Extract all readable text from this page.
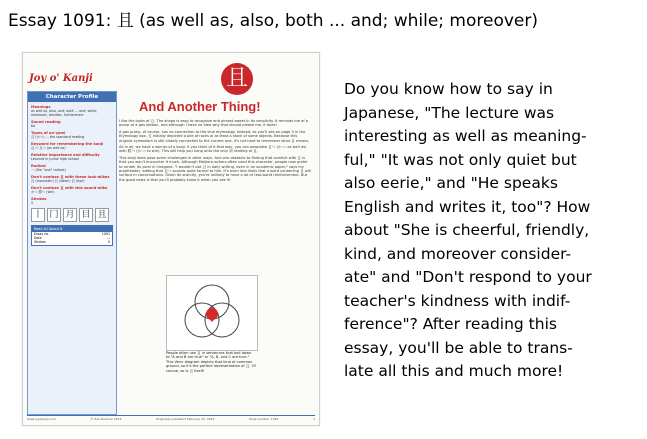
Essay 1091: 且 (as well as, also, both ... and; while; moreover)
Joy o' Kanji	且
Character Profile
Meanings
as well as, also, and; both ... and; while; moreover, besides, furthermore
Sound reading
Ka
Types of on-yomi
且 (かつ) ... the standard reading
Keyword for remembering the kanji
且 = 且つ (as well as)
Relative importance and difficulty
Learned in junior high school
Radical
一 (the "one" radical)
Don't confuse 且 with these look-alikes
且 (mountain) 旦 (dawn) 目 (eye)
Don't confuse 且 with this sound-alike
かつ 勝つ (win)
Strokes
5
丨 冂 月 目 且
Read All About It
Essay no.	1091
Date	—
Strokes	5
And Another Thing!

I like the looks of 且. The shape is easy to recognize and almost sweet in its simplicity. It reminds me of a pump at a gas station, and although I have no idea why that should please me, it does!

A gas pump, of course, has no connection to the true etymology. Instead, as you'll see on page 3 in the Etymology box, 且 initially depicted a pile of rocks or at least a stack of some objects. Because this original symbolism is still closely connected to the current one, it's not hard to remember what 且 means.

All in all, we have a winner of a kanji. If you think of it that way, you can associate 且つ (かつ: as well as) with 勝つ (かつ: to win). This will help you hang onto the only 訓 reading of 且.

This kanji does pose some challenges in other ways. And one obstacle to finding that comfort with 且 is that you won't encounter it much. Although Meijiera writers often used this character, people now prefer to render its yomi in hiragana. "I wouldn't use 且 in daily writing, even in an academic paper," says my proofreader, adding that 且つ sounds quite formal to him. It's even less likely that a word containing 且 will surface in conversations. Given its scarcity, you're unlikely to have a lot of real-world reinforcement. But the good news is that you'll probably know it when you see it!

People often use 且 in sentences that boil down to "A and B are true" or "A, B, and C are true." This Venn diagram depicts that kind of common ground, so it's the perfect representation of 且. Of course, so is 且 itself!
www.joyokanji.com	© Eve Kushner 2014	Originally published February 25, 2014	Kanji number: 1091	1
Do you know how to say in
Japanese, "The lecture was
interesting as well as meaning-
ful," "It was not only quiet but
also eerie," and "He speaks
English and writes it, too"? How
about "She is cheerful, friendly,
kind, and moreover consider-
ate" and "Don't respond to your
teacher's kindness with indif-
ference"? After reading this
essay, you'll be able to trans-
late all this and much more!
